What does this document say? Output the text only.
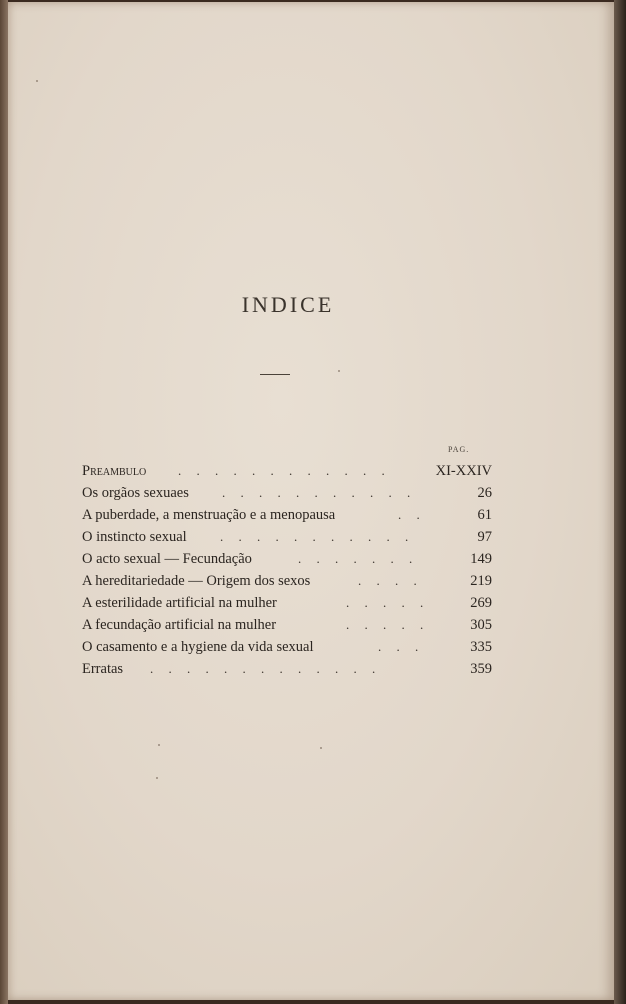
INDICE
PAG.
Preambulo . . . . . . . . . . . .	XI-XXIV
Os orgãos sexuaes	. . . . . . . . . . .	26
A puberdade, a menstruação e a menopausa	. .	61
O instincto sexual	. . . . . . . . . . .	97
O acto sexual — Fecundação	. . . . . . .	149
A hereditariedade — Origem dos sexos	. . . .	219
A esterilidade artificial na mulher	. . . . .	269
A fecundação artificial na mulher	. . . . .	305
O casamento e a hygiene da vida sexual	. . .	335
Erratas . . . . . . . . . . . . .	359
